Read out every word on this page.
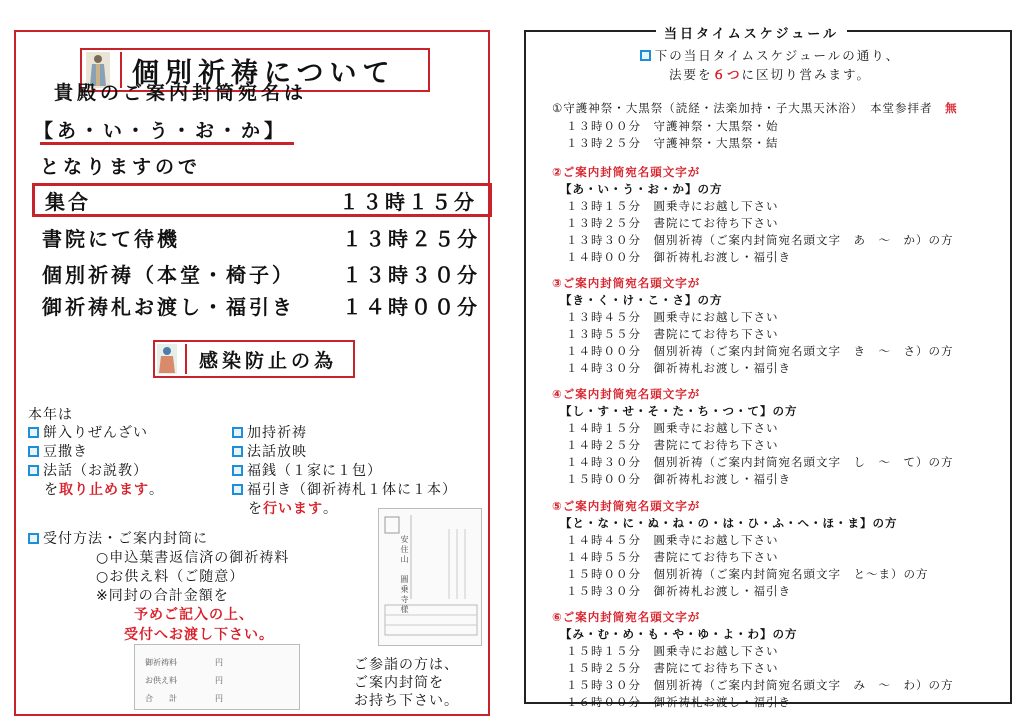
個別祈祷について
貴殿のご案内封筒宛名は
【あ・い・う・お・か】
となりますので
集合	１３時１５分
書院にて待機	１３時２５分
個別祈祷（本堂・椅子） １３時３０分
御祈祷札お渡し・福引き １４時００分
感染防止の為
本年は
餅入りぜんざい
豆撒き
法話（お説教）
を取り止めます。
加持祈祷
法話放映
福銭（１家に１包）
福引き（御祈祷札１体に１本）
を行います。
受付方法・ご案内封筒に
○申込葉書返信済の御祈祷料
○お供え料（ご随意）
※同封の合計金額を
予めご記入の上、
受付へお渡し下さい。
安住山　圓乗寺様
御祈祷料
お供え料
合　　計
円
円
円
ご参詣の方は、
ご案内封筒を
お持ち下さい。
当日タイムスケジュール
下の当日タイムスケジュールの通り、
法要を６つに区切り営みます。
①守護神祭・大黒祭（読経・法楽加持・子大黒天沐浴）　本堂参拝者　無
１３時００分　守護神祭・大黒祭・始
１３時２５分　守護神祭・大黒祭・結
②ご案内封筒宛名頭文字が
【あ・い・う・お・か】の方
１３時１５分　圓乗寺にお越し下さい
１３時２５分　書院にてお待ち下さい
１３時３０分　個別祈祷（ご案内封筒宛名頭文字　あ　～　か）の方
１４時００分　御祈祷札お渡し・福引き
③ご案内封筒宛名頭文字が
【き・く・け・こ・さ】の方
１３時４５分　圓乗寺にお越し下さい
１３時５５分　書院にてお待ち下さい
１４時００分　個別祈祷（ご案内封筒宛名頭文字　き　～　さ）の方
１４時３０分　御祈祷札お渡し・福引き
④ご案内封筒宛名頭文字が
【し・す・せ・そ・た・ち・つ・て】の方
１４時１５分　圓乗寺にお越し下さい
１４時２５分　書院にてお待ち下さい
１４時３０分　個別祈祷（ご案内封筒宛名頭文字　し　～　て）の方
１５時００分　御祈祷札お渡し・福引き
⑤ご案内封筒宛名頭文字が
【と・な・に・ぬ・ね・の・は・ひ・ふ・へ・ほ・ま】の方
１４時４５分　圓乗寺にお越し下さい
１４時５５分　書院にてお待ち下さい
１５時００分　個別祈祷（ご案内封筒宛名頭文字　と～ま）の方
１５時３０分　御祈祷札お渡し・福引き
⑥ご案内封筒宛名頭文字が
【み・む・め・も・や・ゆ・よ・わ】の方
１５時１５分　圓乗寺にお越し下さい
１５時２５分　書院にてお待ち下さい
１５時３０分　個別祈祷（ご案内封筒宛名頭文字　み　～　わ）の方
１６時００分　御祈祷札お渡し・福引き
